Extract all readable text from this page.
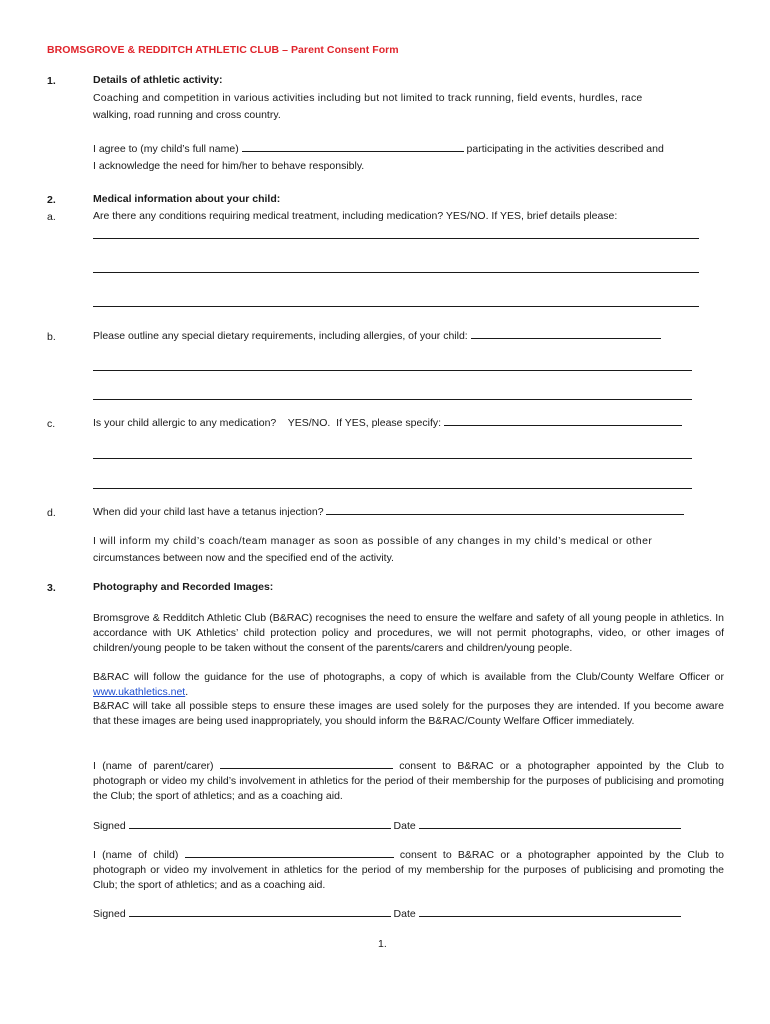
BROMSGROVE & REDDITCH ATHLETIC CLUB – Parent Consent Form
1.	Details of athletic activity:
Coaching and competition in various activities including but not limited to track running, field events, hurdles, race
walking, road running and cross country.
I agree to (my child’s full name)	participating in the activities described and
I acknowledge the need for him/her to behave responsibly.
2.	Medical information about your child:
a.	Are there any conditions requiring medical treatment, including medication? YES/NO. If YES, brief details please:
b.	Please outline any special dietary requirements, including allergies, of your child:
c.	Is your child allergic to any medication?    YES/NO.  If YES, please specify:
d.	When did your child last have a tetanus injection?
I will inform my child’s coach/team manager as soon as possible of any changes in my child’s medical or other
circumstances between now and the specified end of the activity.
3.	Photography and Recorded Images:
Bromsgrove & Redditch Athletic Club (B&RAC) recognises the need to ensure the welfare and safety of all young people in athletics. In accordance with UK Athletics’ child protection policy and procedures, we will not permit photographs, video, or other images of children/young people to be taken without the consent of the parents/carers and children/young people.
B&RAC will follow the guidance for the use of photographs, a copy of which is available from the Club/County Welfare Officer or www.ukathletics.net.
B&RAC will take all possible steps to ensure these images are used solely for the purposes they are intended. If you become aware that these images are being used inappropriately, you should inform the B&RAC/County Welfare Officer immediately.
I (name of parent/carer)	consent to B&RAC or a photographer appointed by the Club to photograph or video my child’s involvement in athletics for the period of their membership for the purposes of publicising and promoting the Club; the sport of athletics; and as a coaching aid.
Signed	Date
I (name of child)	consent to B&RAC or a photographer appointed by the Club to photograph or video my involvement in athletics for the period of my membership for the purposes of publicising and promoting the Club; the sport of athletics; and as a coaching aid.
Signed	Date
1.
